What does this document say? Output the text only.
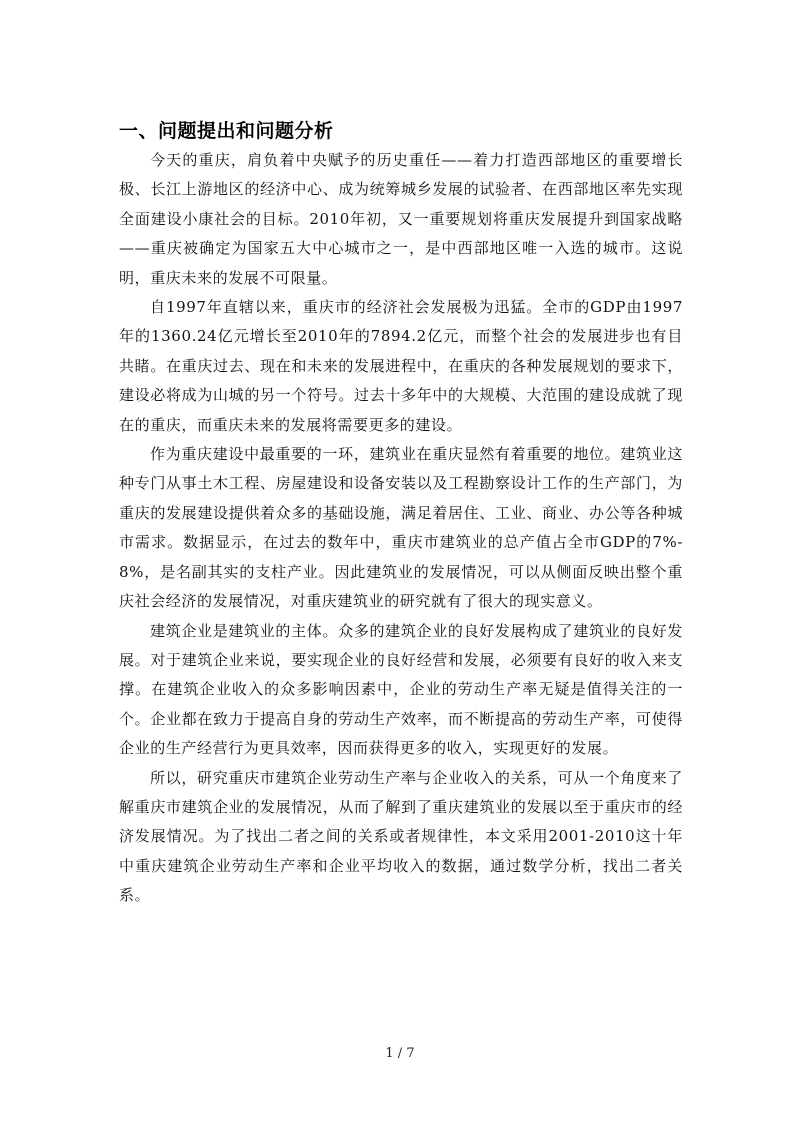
一、问题提出和问题分析

今天的重庆，肩负着中央赋予的历史重任——着力打造西部地区的重要增长极、长江上游地区的经济中心、成为统筹城乡发展的试验者、在西部地区率先实现全面建设小康社会的目标。2010年初，又一重要规划将重庆发展提升到国家战略——重庆被确定为国家五大中心城市之一，是中西部地区唯一入选的城市。这说明，重庆未来的发展不可限量。

自1997年直辖以来，重庆市的经济社会发展极为迅猛。全市的GDP由1997年的1360.24亿元增长至2010年的7894.2亿元，而整个社会的发展进步也有目共睹。在重庆过去、现在和未来的发展进程中，在重庆的各种发展规划的要求下，建设必将成为山城的另一个符号。过去十多年中的大规模、大范围的建设成就了现在的重庆，而重庆未来的发展将需要更多的建设。

作为重庆建设中最重要的一环，建筑业在重庆显然有着重要的地位。建筑业这种专门从事土木工程、房屋建设和设备安装以及工程勘察设计工作的生产部门，为重庆的发展建设提供着众多的基础设施，满足着居住、工业、商业、办公等各种城市需求。数据显示，在过去的数年中，重庆市建筑业的总产值占全市GDP的7%-8%，是名副其实的支柱产业。因此建筑业的发展情况，可以从侧面反映出整个重庆社会经济的发展情况，对重庆建筑业的研究就有了很大的现实意义。

建筑企业是建筑业的主体。众多的建筑企业的良好发展构成了建筑业的良好发展。对于建筑企业来说，要实现企业的良好经营和发展，必须要有良好的收入来支撑。在建筑企业收入的众多影响因素中，企业的劳动生产率无疑是值得关注的一个。企业都在致力于提高自身的劳动生产效率，而不断提高的劳动生产率，可使得企业的生产经营行为更具效率，因而获得更多的收入，实现更好的发展。

所以，研究重庆市建筑企业劳动生产率与企业收入的关系，可从一个角度来了解重庆市建筑企业的发展情况，从而了解到了重庆建筑业的发展以至于重庆市的经济发展情况。为了找出二者之间的关系或者规律性，本文采用2001-2010这十年中重庆建筑企业劳动生产率和企业平均收入的数据，通过数学分析，找出二者关系。

1 / 7
